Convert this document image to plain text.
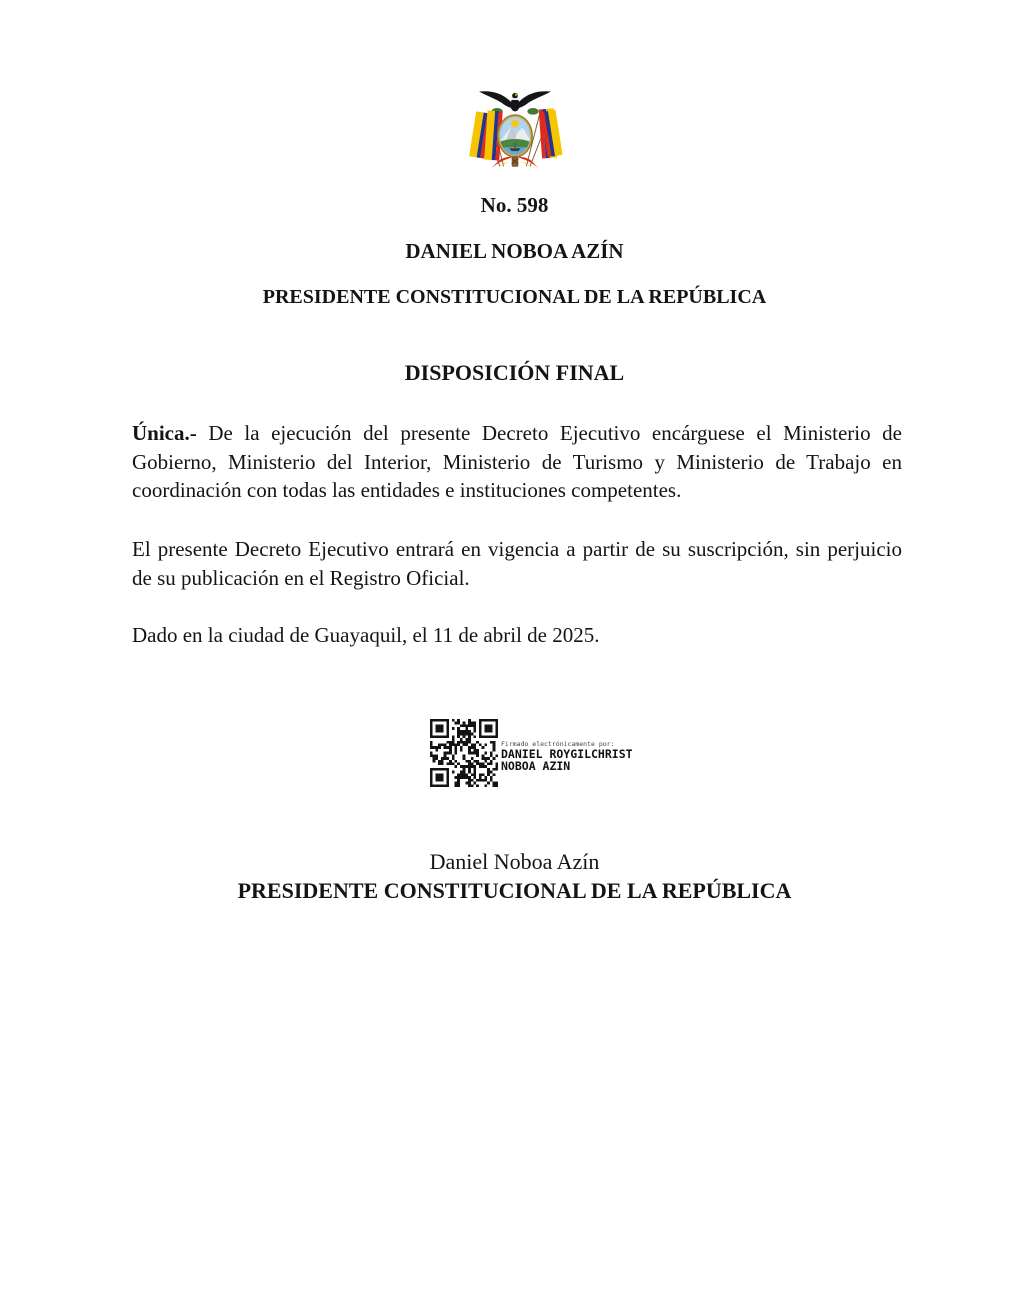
No. 598
DANIEL NOBOA AZÍN
PRESIDENTE CONSTITUCIONAL DE LA REPÚBLICA
DISPOSICIÓN FINAL

Única.- De la ejecución del presente Decreto Ejecutivo encárguese el Ministerio de Gobierno, Ministerio del Interior, Ministerio de Turismo y Ministerio de Trabajo en coordinación con todas las entidades e instituciones competentes.

El presente Decreto Ejecutivo entrará en vigencia a partir de su suscripción, sin perjuicio de su publicación en el Registro Oficial.

Dado en la ciudad de Guayaquil, el 11 de abril de 2025.

Firmado electrónicamente por:
DANIEL ROYGILCHRIST
NOBOA AZIN
Daniel Noboa Azín
PRESIDENTE CONSTITUCIONAL DE LA REPÚBLICA
